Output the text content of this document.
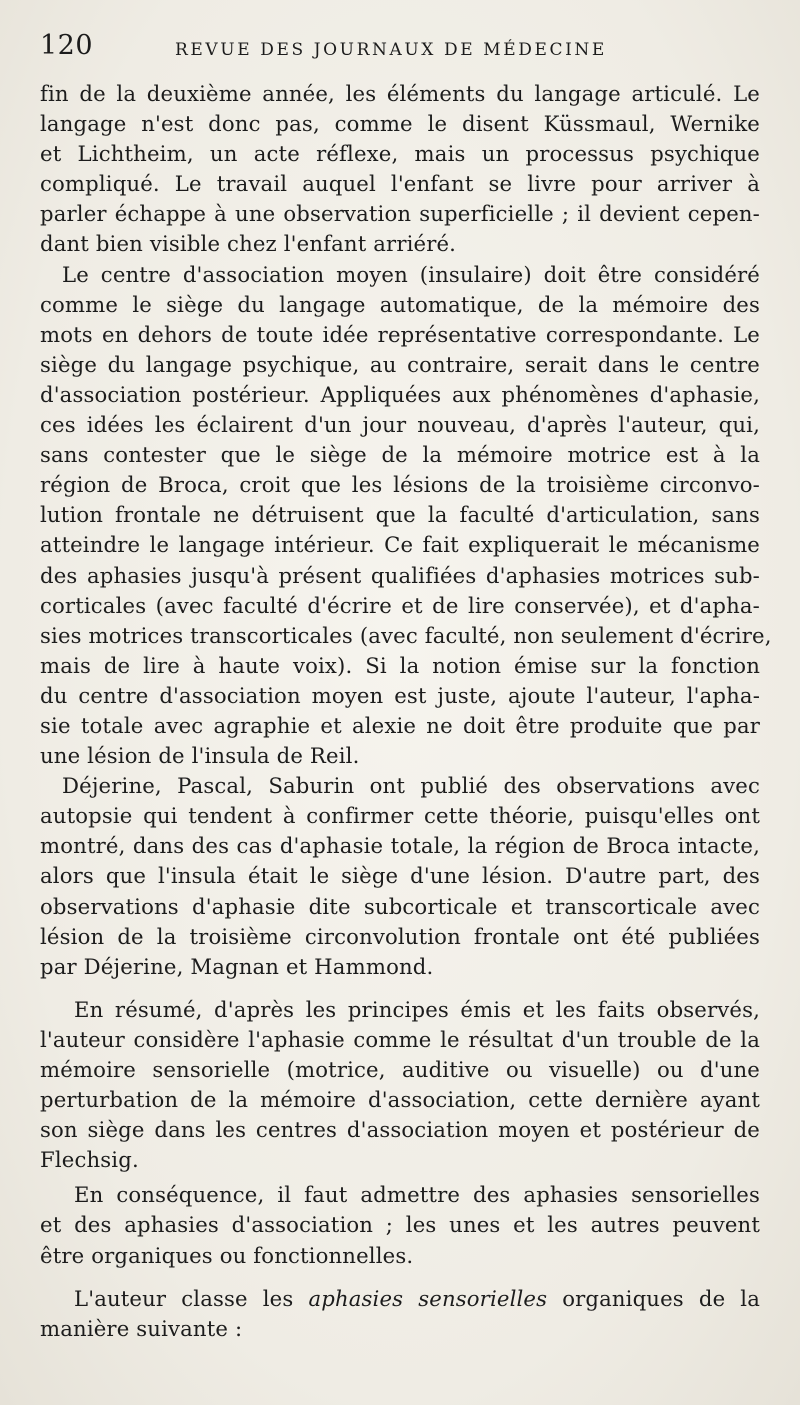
120	REVUE DES JOURNAUX DE MÉDECINE
fin de la deuxième année, les éléments du langage articulé. Le
langage n'est donc pas, comme le disent Küssmaul, Wernike
et Lichtheim, un acte réflexe, mais un processus psychique
compliqué. Le travail auquel l'enfant se livre pour arriver à
parler échappe à une observation superficielle ; il devient cepen-
dant bien visible chez l'enfant arriéré.
Le centre d'association moyen (insulaire) doit être considéré
comme le siège du langage automatique, de la mémoire des
mots en dehors de toute idée représentative correspondante. Le
siège du langage psychique, au contraire, serait dans le centre
d'association postérieur. Appliquées aux phénomènes d'aphasie,
ces idées les éclairent d'un jour nouveau, d'après l'auteur, qui,
sans contester que le siège de la mémoire motrice est à la
région de Broca, croit que les lésions de la troisième circonvo-
lution frontale ne détruisent que la faculté d'articulation, sans
atteindre le langage intérieur. Ce fait expliquerait le mécanisme
des aphasies jusqu'à présent qualifiées d'aphasies motrices sub-
corticales (avec faculté d'écrire et de lire conservée), et d'apha-
sies motrices transcorticales (avec faculté, non seulement d'écrire,
mais de lire à haute voix). Si la notion émise sur la fonction
du centre d'association moyen est juste, ajoute l'auteur, l'apha-
sie totale avec agraphie et alexie ne doit être produite que par
une lésion de l'insula de Reil.
Déjerine, Pascal, Saburin ont publié des observations avec
autopsie qui tendent à confirmer cette théorie, puisqu'elles ont
montré, dans des cas d'aphasie totale, la région de Broca intacte,
alors que l'insula était le siège d'une lésion. D'autre part, des
observations d'aphasie dite subcorticale et transcorticale avec
lésion de la troisième circonvolution frontale ont été publiées
par Déjerine, Magnan et Hammond.
En résumé, d'après les principes émis et les faits observés,
l'auteur considère l'aphasie comme le résultat d'un trouble de la
mémoire sensorielle (motrice, auditive ou visuelle) ou d'une
perturbation de la mémoire d'association, cette dernière ayant
son siège dans les centres d'association moyen et postérieur de
Flechsig.
En conséquence, il faut admettre des aphasies sensorielles
et des aphasies d'association ; les unes et les autres peuvent
être organiques ou fonctionnelles.
L'auteur classe les aphasies sensorielles organiques de la
manière suivante :
